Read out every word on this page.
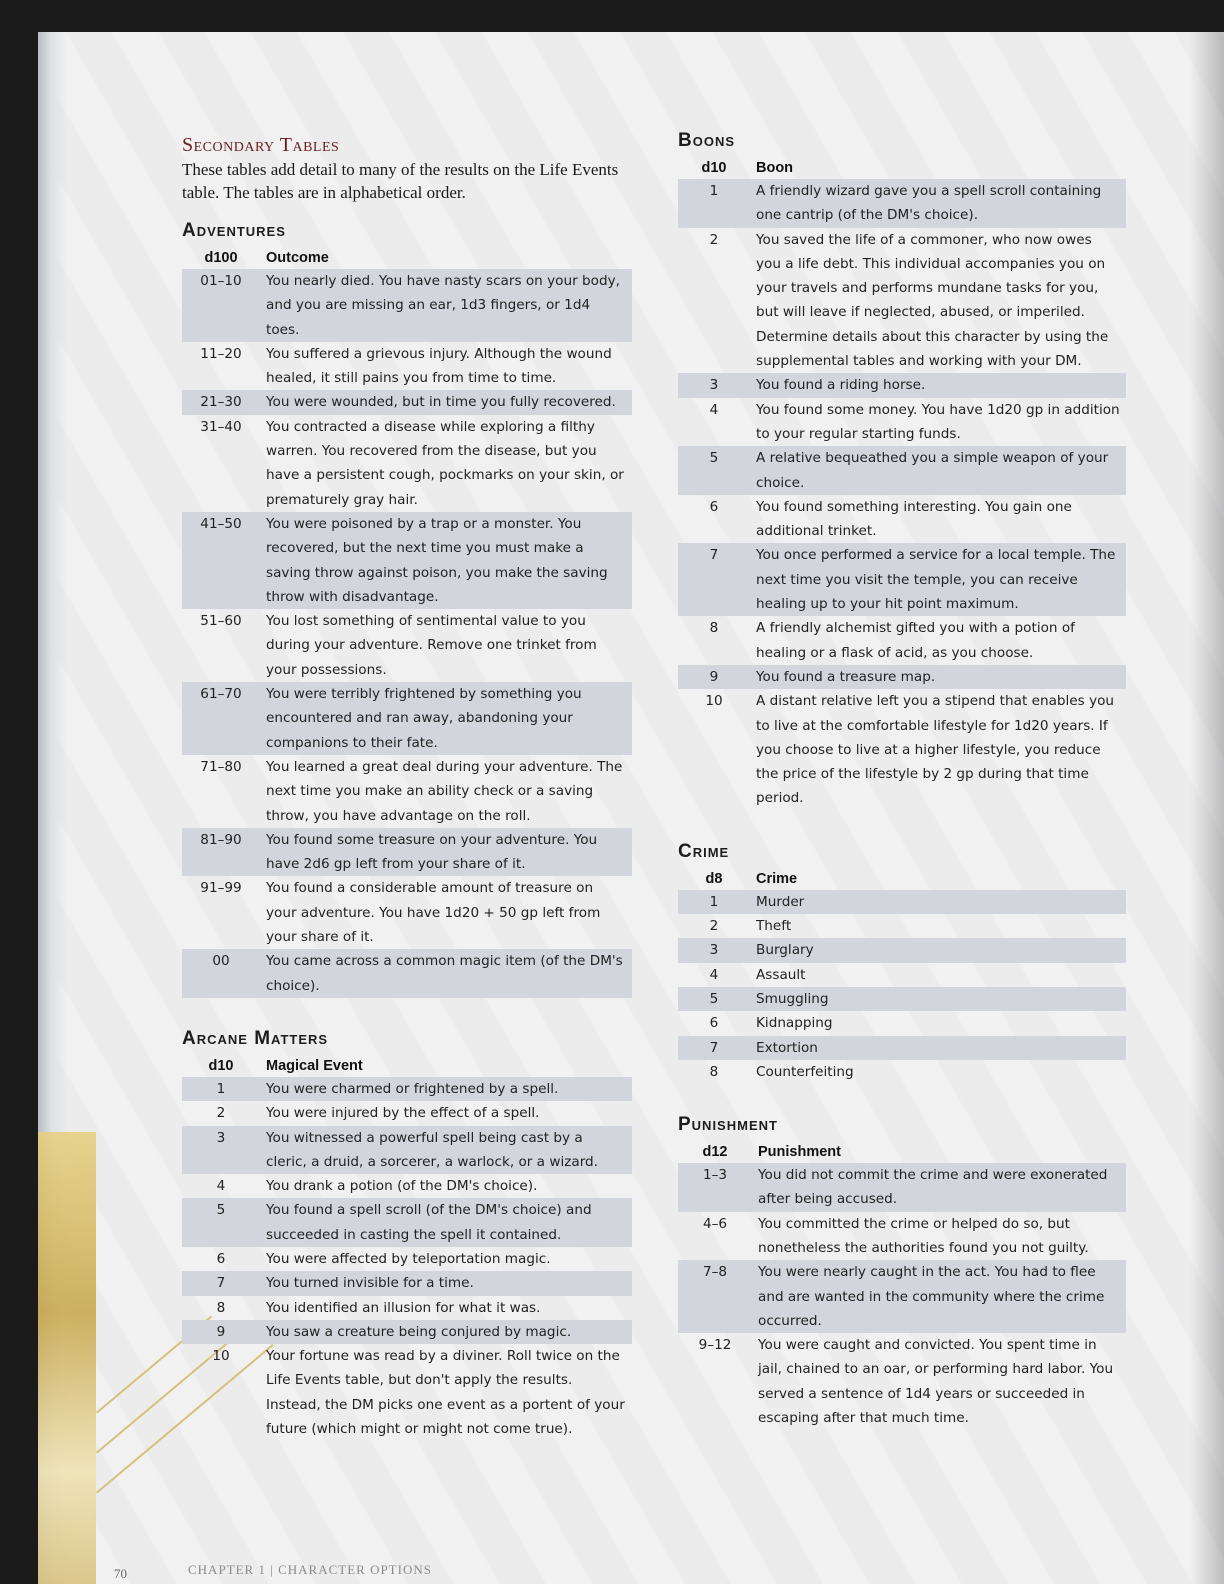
Secondary Tables

These tables add detail to many of the results on the Life Events table. The tables are in alphabetical order.

Adventures
d100	Outcome
01–10	You nearly died. You have nasty scars on your body, and you are missing an ear, 1d3 fingers, or 1d4 toes.
11–20	You suffered a grievous injury. Although the wound healed, it still pains you from time to time.
21–30	You were wounded, but in time you fully recovered.
31–40	You contracted a disease while exploring a filthy warren. You recovered from the disease, but you have a persistent cough, pockmarks on your skin, or prematurely gray hair.
41–50	You were poisoned by a trap or a monster. You recovered, but the next time you must make a saving throw against poison, you make the saving throw with disadvantage.
51–60	You lost something of sentimental value to you during your adventure. Remove one trinket from your possessions.
61–70	You were terribly frightened by something you encountered and ran away, abandoning your companions to their fate.
71–80	You learned a great deal during your adventure. The next time you make an ability check or a saving throw, you have advantage on the roll.
81–90	You found some treasure on your adventure. You have 2d6 gp left from your share of it.
91–99	You found a considerable amount of treasure on your adventure. You have 1d20 + 50 gp left from your share of it.
00	You came across a common magic item (of the DM's choice).
Arcane Matters
d10	Magical Event
1	You were charmed or frightened by a spell.
2	You were injured by the effect of a spell.
3	You witnessed a powerful spell being cast by a cleric, a druid, a sorcerer, a warlock, or a wizard.
4	You drank a potion (of the DM's choice).
5	You found a spell scroll (of the DM's choice) and succeeded in casting the spell it contained.
6	You were affected by teleportation magic.
7	You turned invisible for a time.
8	You identified an illusion for what it was.
9	You saw a creature being conjured by magic.
10	Your fortune was read by a diviner. Roll twice on the Life Events table, but don't apply the results. Instead, the DM picks one event as a portent of your future (which might or might not come true).
Boons
d10	Boon
1	A friendly wizard gave you a spell scroll containing one cantrip (of the DM's choice).
2	You saved the life of a commoner, who now owes you a life debt. This individual accompanies you on your travels and performs mundane tasks for you, but will leave if neglected, abused, or imperiled. Determine details about this character by using the supplemental tables and working with your DM.
3	You found a riding horse.
4	You found some money. You have 1d20 gp in addition to your regular starting funds.
5	A relative bequeathed you a simple weapon of your choice.
6	You found something interesting. You gain one additional trinket.
7	You once performed a service for a local temple. The next time you visit the temple, you can receive healing up to your hit point maximum.
8	A friendly alchemist gifted you with a potion of healing or a flask of acid, as you choose.
9	You found a treasure map.
10	A distant relative left you a stipend that enables you to live at the comfortable lifestyle for 1d20 years. If you choose to live at a higher lifestyle, you reduce the price of the lifestyle by 2 gp during that time period.
Crime
d8	Crime
1	Murder
2	Theft
3	Burglary
4	Assault
5	Smuggling
6	Kidnapping
7	Extortion
8	Counterfeiting
Punishment
d12	Punishment
1–3	You did not commit the crime and were exonerated after being accused.
4–6	You committed the crime or helped do so, but nonetheless the authorities found you not guilty.
7–8	You were nearly caught in the act. You had to flee and are wanted in the community where the crime occurred.
9–12	You were caught and convicted. You spent time in jail, chained to an oar, or performing hard labor. You served a sentence of 1d4 years or succeeded in escaping after that much time.
70	CHAPTER 1 | CHARACTER OPTIONS
